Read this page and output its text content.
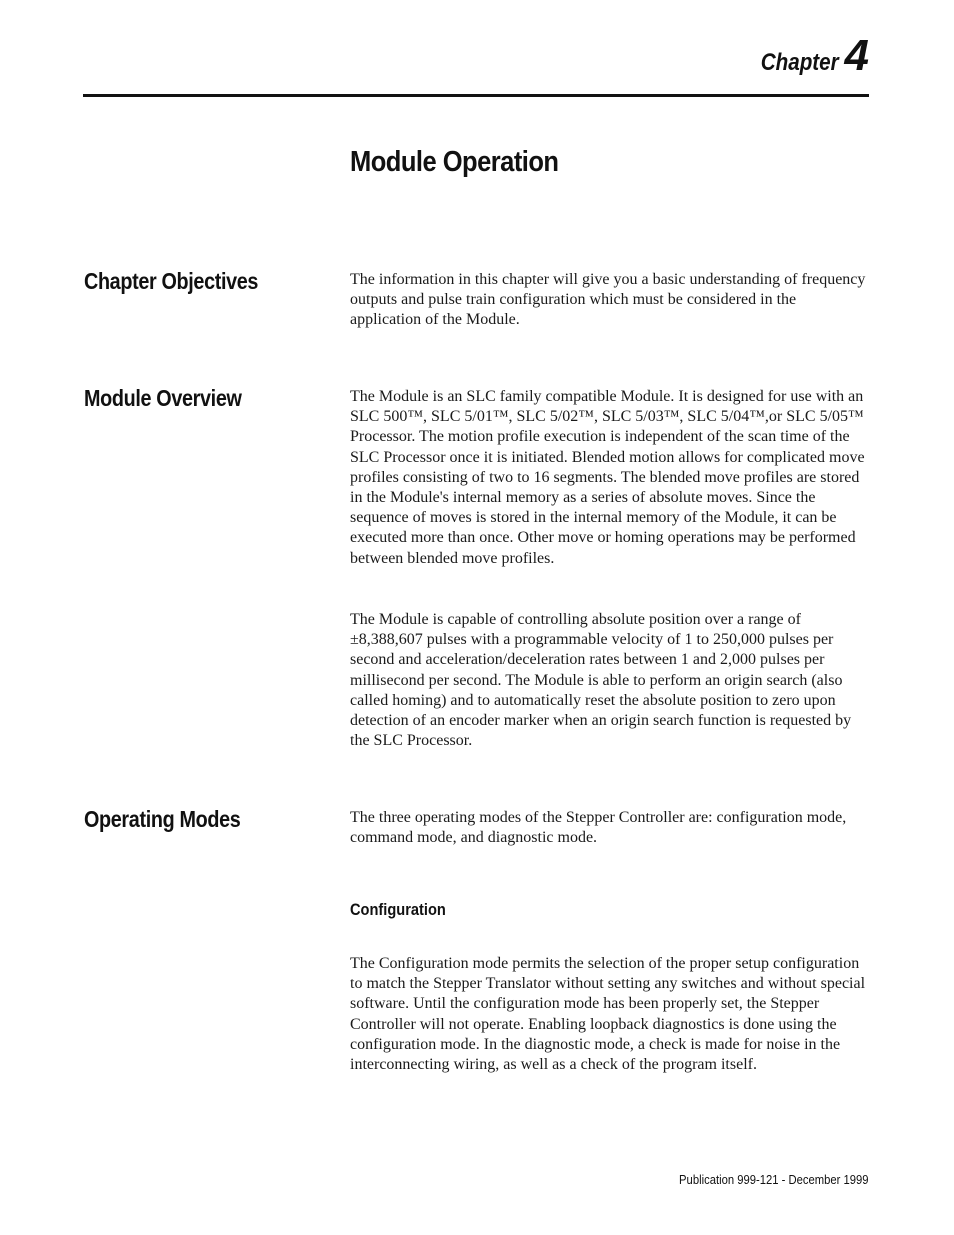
Chapter 4
Module Operation
Chapter Objectives	The information in this chapter will give you a basic understanding of frequency outputs and pulse train configuration which must be considered in the application of the Module.

Module Overview	The Module is an SLC family compatible Module. It is designed for use with an SLC 500™, SLC 5/01™, SLC 5/02™, SLC 5/03™, SLC 5/04™,or SLC 5/05™ Processor. The motion profile execution is independent of the scan time of the SLC Processor once it is initiated. Blended motion allows for complicated move profiles consisting of two to 16 segments. The blended move profiles are stored in the Module's internal memory as a series of absolute moves. Since the sequence of moves is stored in the internal memory of the Module, it can be executed more than once. Other move or homing operations may be performed between blended move profiles.

The Module is capable of controlling absolute position over a range of ±8,388,607 pulses with a programmable velocity of 1 to 250,000 pulses per second and acceleration/deceleration rates between 1 and 2,000 pulses per millisecond per second. The Module is able to perform an origin search (also called homing) and to automatically reset the absolute position to zero upon detection of an encoder marker when an origin search function is requested by the SLC Processor.

Operating Modes	The three operating modes of the Stepper Controller are: configuration mode, command mode, and diagnostic mode.

Configuration

The Configuration mode permits the selection of the proper setup configuration to match the Stepper Translator without setting any switches and without special software. Until the configuration mode has been properly set, the Stepper Controller will not operate. Enabling loopback diagnostics is done using the configuration mode. In the diagnostic mode, a check is made for noise in the interconnecting wiring, as well as a check of the program itself.

Publication 999-121 - December 1999
